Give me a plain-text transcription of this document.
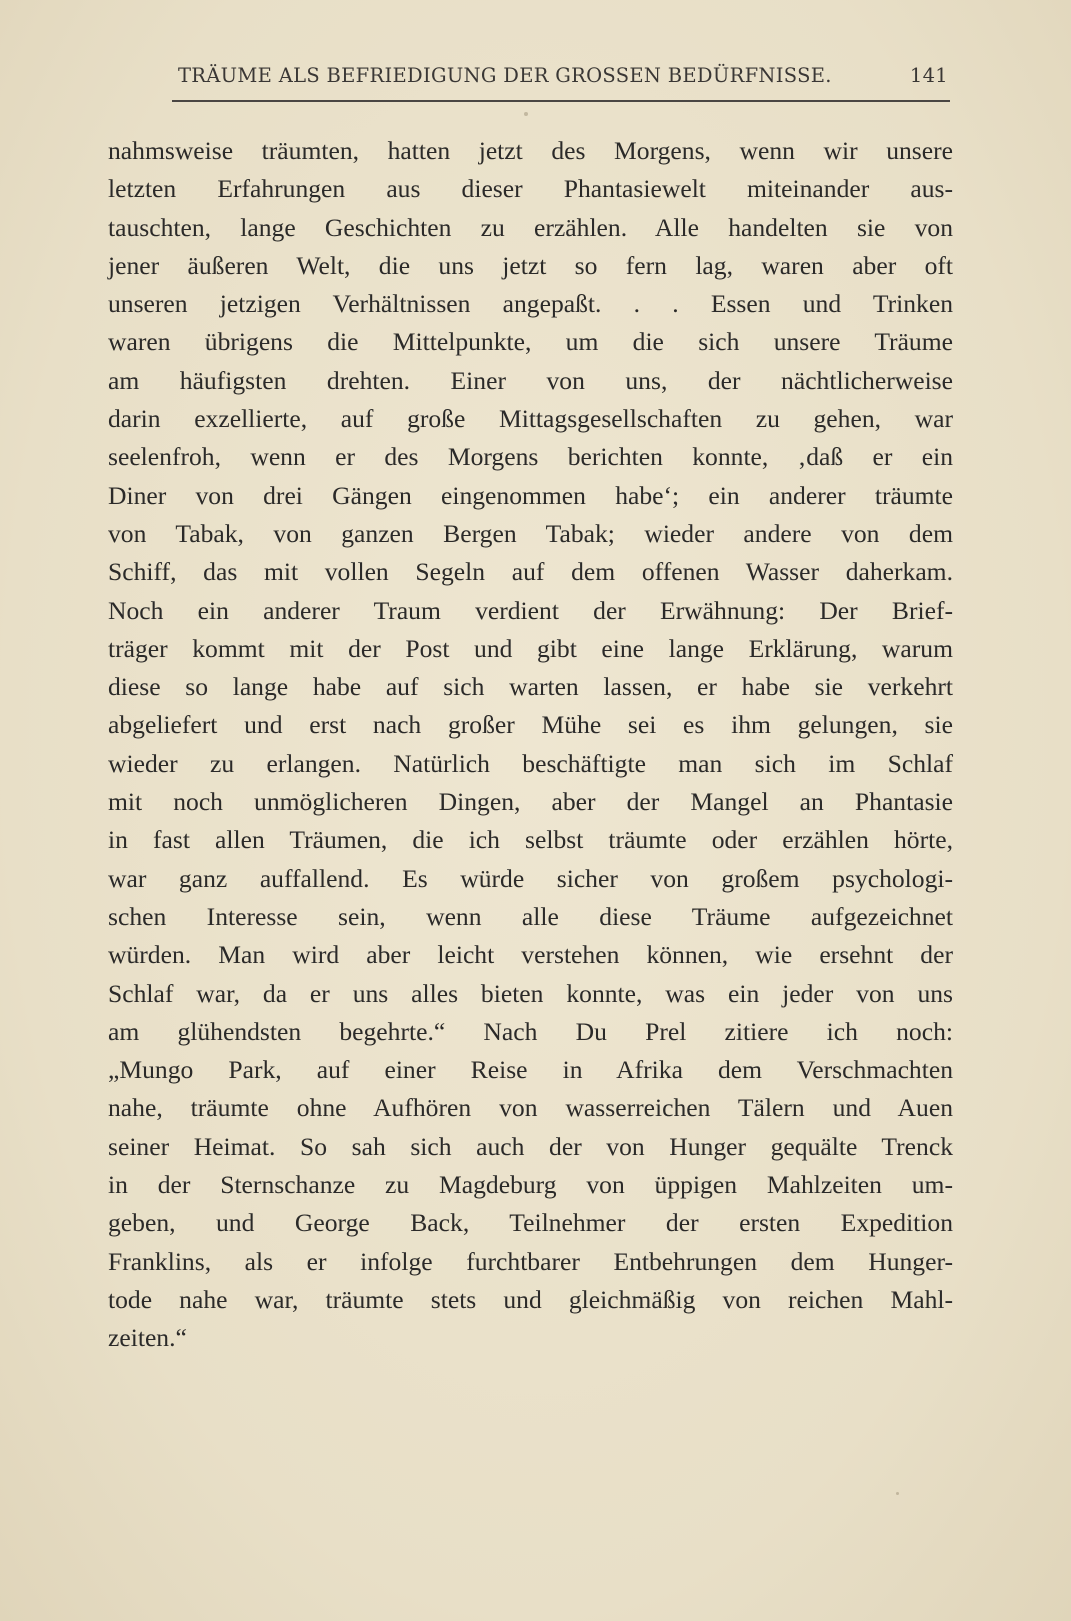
TRÄUME ALS BEFRIEDIGUNG DER GROSSEN BEDÜRFNISSE.	141
nahmsweise träumten, hatten jetzt des Morgens, wenn wir unsere
letzten Erfahrungen aus dieser Phantasiewelt miteinander aus-
tauschten, lange Geschichten zu erzählen. Alle handelten sie von
jener äußeren Welt, die uns jetzt so fern lag, waren aber oft
unseren jetzigen Verhältnissen angepaßt. . . Essen und Trinken
waren übrigens die Mittelpunkte, um die sich unsere Träume
am häufigsten drehten. Einer von uns, der nächtlicherweise
darin exzellierte, auf große Mittagsgesellschaften zu gehen, war
seelenfroh, wenn er des Morgens berichten konnte, ‚daß er ein
Diner von drei Gängen eingenommen habe‘; ein anderer träumte
von Tabak, von ganzen Bergen Tabak; wieder andere von dem
Schiff, das mit vollen Segeln auf dem offenen Wasser daherkam.
Noch ein anderer Traum verdient der Erwähnung: Der Brief-
träger kommt mit der Post und gibt eine lange Erklärung, warum
diese so lange habe auf sich warten lassen, er habe sie verkehrt
abgeliefert und erst nach großer Mühe sei es ihm gelungen, sie
wieder zu erlangen. Natürlich beschäftigte man sich im Schlaf
mit noch unmöglicheren Dingen, aber der Mangel an Phantasie
in fast allen Träumen, die ich selbst träumte oder erzählen hörte,
war ganz auffallend. Es würde sicher von großem psychologi-
schen Interesse sein, wenn alle diese Träume aufgezeichnet
würden. Man wird aber leicht verstehen können, wie ersehnt der
Schlaf war, da er uns alles bieten konnte, was ein jeder von uns
am glühendsten begehrte.“ Nach Du Prel zitiere ich noch:
„Mungo Park, auf einer Reise in Afrika dem Verschmachten
nahe, träumte ohne Aufhören von wasserreichen Tälern und Auen
seiner Heimat. So sah sich auch der von Hunger gequälte Trenck
in der Sternschanze zu Magdeburg von üppigen Mahlzeiten um-
geben, und George Back, Teilnehmer der ersten Expedition
Franklins, als er infolge furchtbarer Entbehrungen dem Hunger-
tode nahe war, träumte stets und gleichmäßig von reichen Mahl-
zeiten.“
